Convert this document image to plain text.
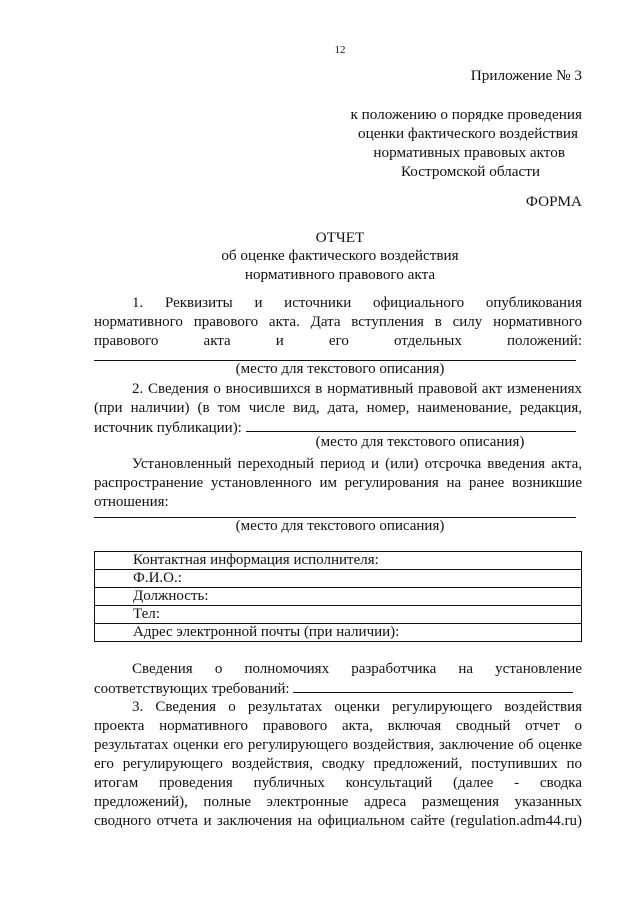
12
Приложение № 3
к положению о порядке проведения
оценки фактического воздействия
нормативных правовых актов
Костромской области
ФОРМА
ОТЧЕТ
об оценке фактического воздействия
нормативного правового акта
1. Реквизиты и источники официального опубликования
нормативного правового акта. Дата вступления в силу нормативного
правового акта и его отдельных положений:
(место для текстового описания)
2. Сведения о вносившихся в нормативный правовой акт изменениях
(при наличии) (в том числе вид, дата, номер, наименование, редакция,
источник публикации):
(место для текстового описания)
Установленный переходный период и (или) отсрочка введения акта,
распространение установленного им регулирования на ранее возникшие
отношения:
(место для текстового описания)
Контактная информация исполнителя:
Ф.И.О.:
Должность:
Тел:
Адрес электронной почты (при наличии):
Сведения о полномочиях разработчика на установление
соответствующих требований:
3. Сведения о результатах оценки регулирующего воздействия
проекта нормативного правового акта, включая сводный отчет о
результатах оценки его регулирующего воздействия, заключение об оценке
его регулирующего воздействия, сводку предложений, поступивших по
итогам проведения публичных консультаций (далее - сводка
предложений), полные электронные адреса размещения указанных
сводного отчета и заключения на официальном сайте (regulation.adm44.ru)
